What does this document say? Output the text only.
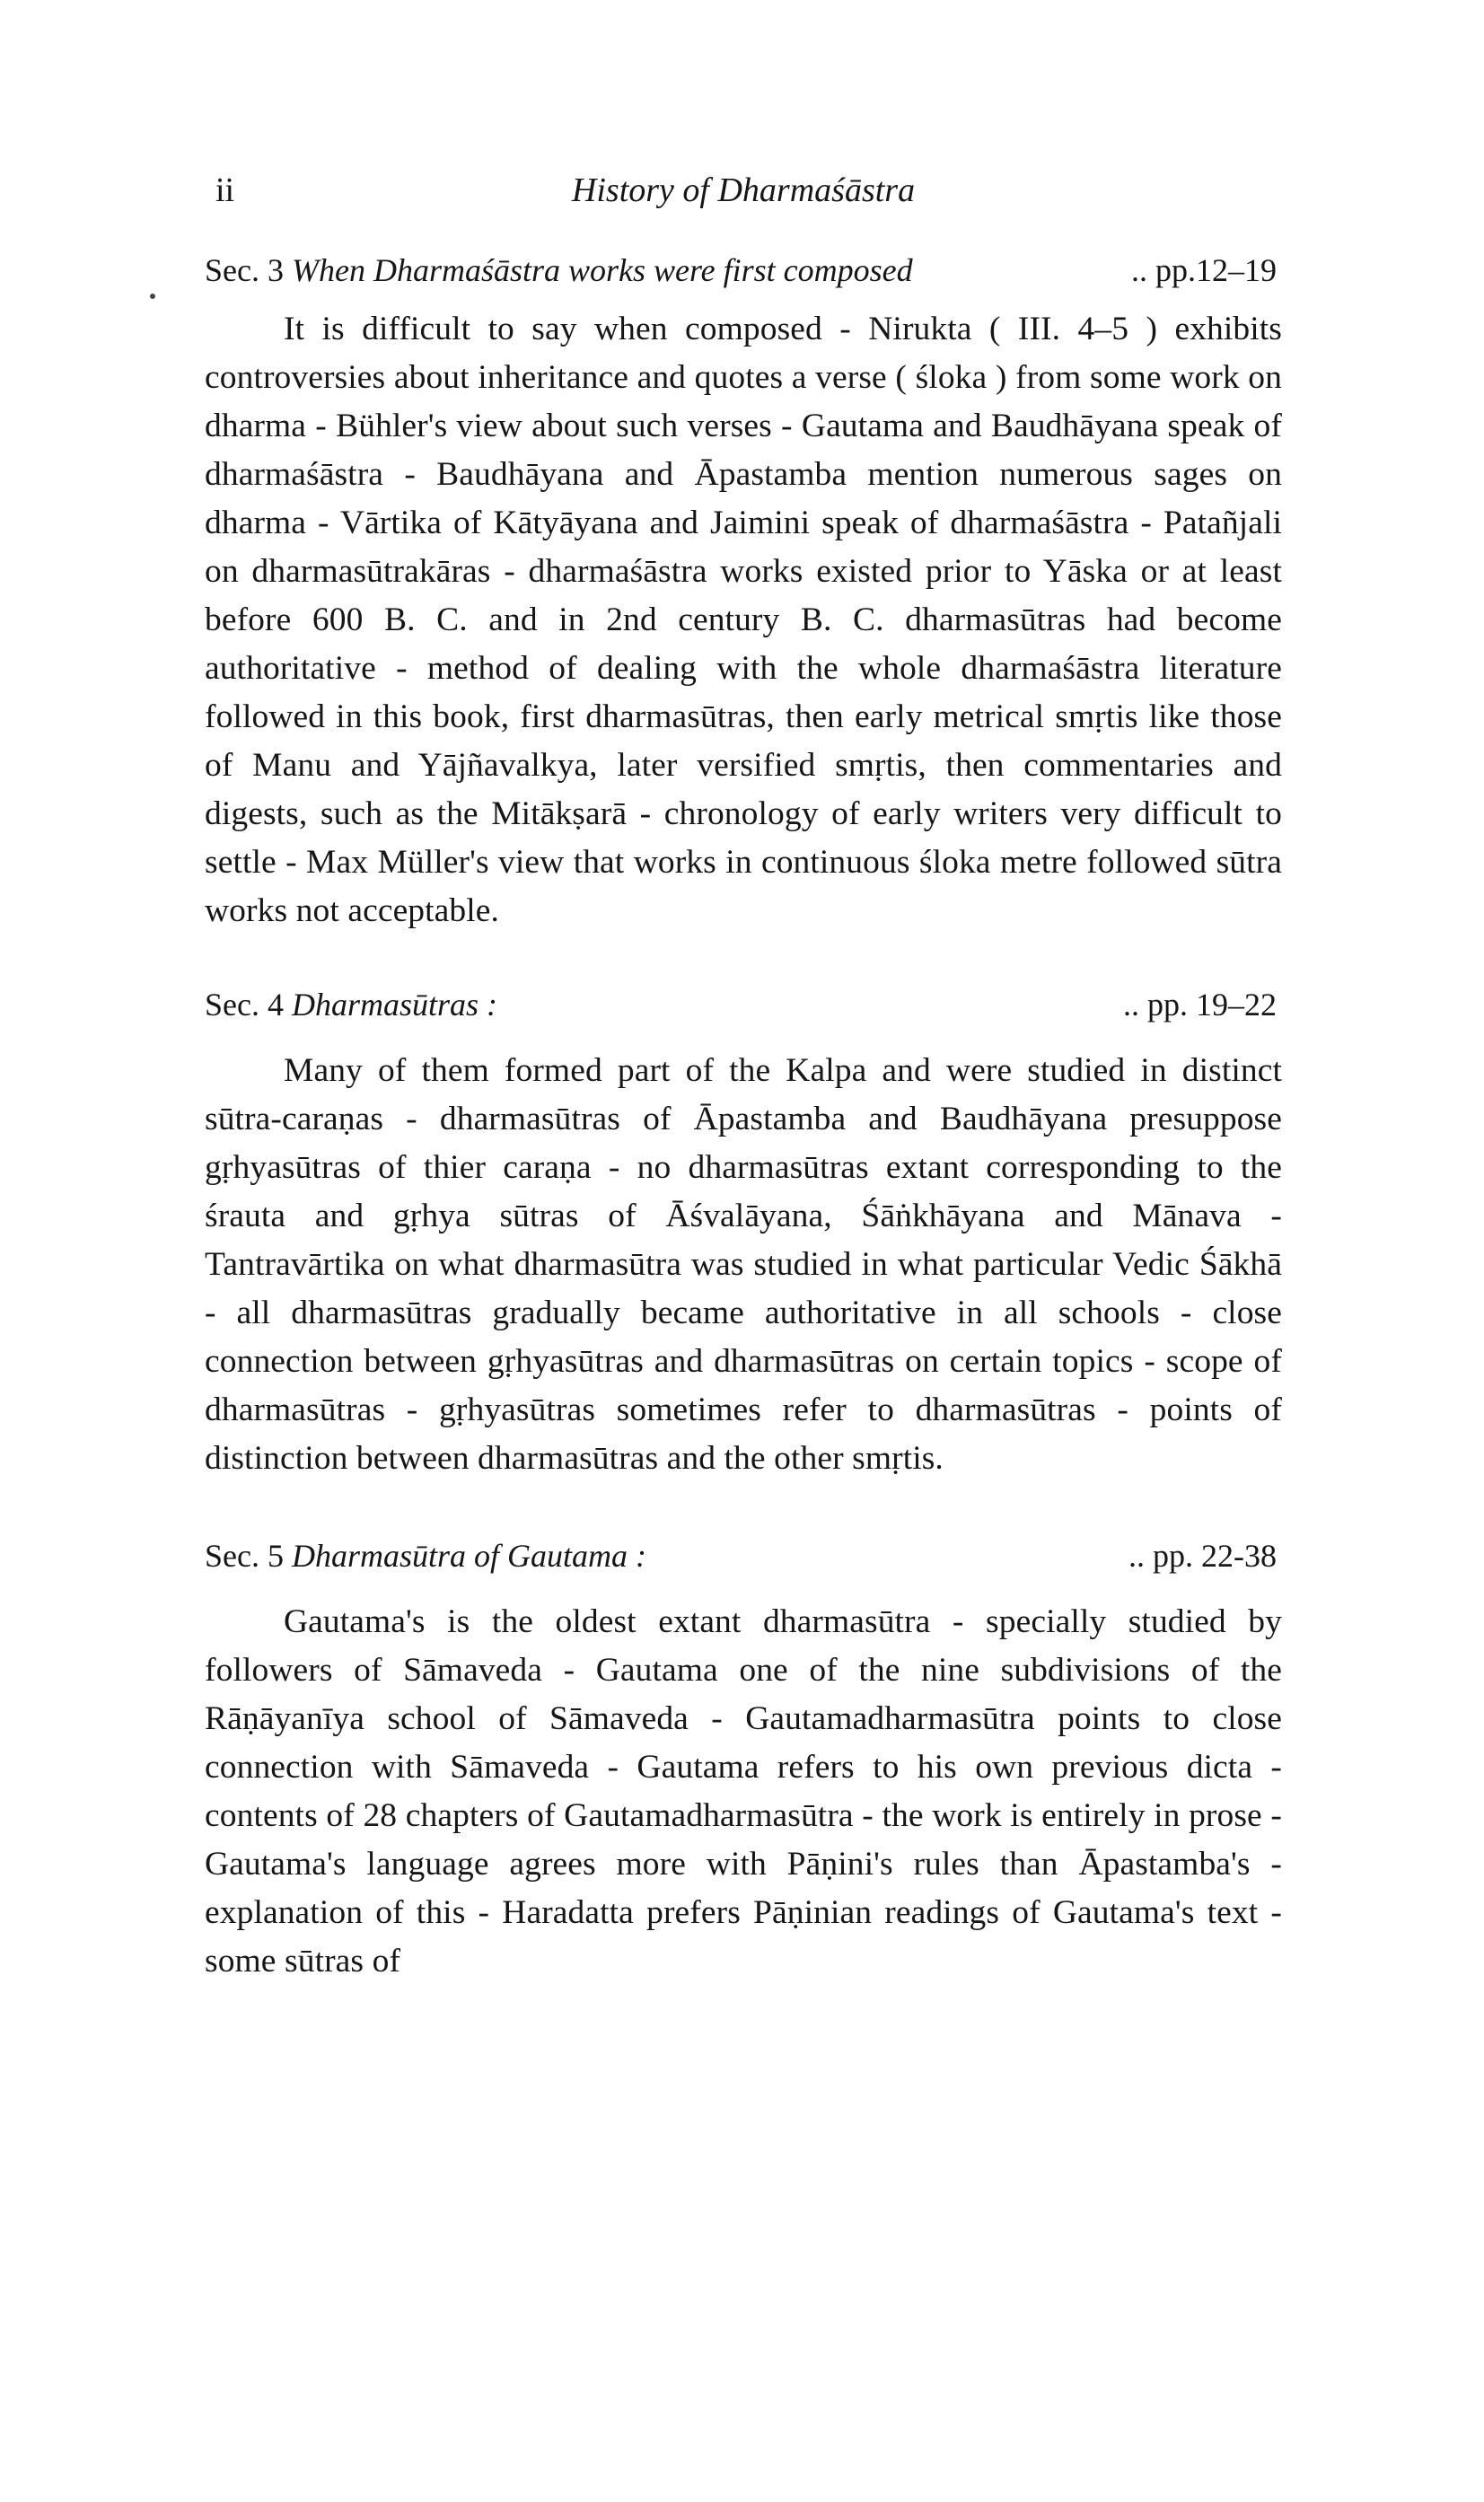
ii	History of Dharmaśāstra
Sec. 3 When Dharmaśāstra works were first composed	.. pp.12–19

It is difficult to say when composed - Nirukta ( III. 4–5 ) exhibits controversies about inheritance and quotes a verse ( śloka ) from some work on dharma - Bühler's view about such verses - Gautama and Baudhāyana speak of dharmaśāstra - Baudhāyana and Āpastamba mention numerous sages on dharma - Vārtika of Kātyāyana and Jaimini speak of dharmaśāstra - Patañjali on dharmasūtrakāras - dharmaśāstra works existed prior to Yāska or at least before 600 B. C. and in 2nd century B. C. dharmasūtras had become authoritative - method of dealing with the whole dharmaśāstra literature followed in this book, first dharmasūtras, then early metrical smṛtis like those of Manu and Yājñavalkya, later versified smṛtis, then commentaries and digests, such as the Mitākṣarā - chronology of early writers very difficult to settle - Max Müller's view that works in continuous śloka metre followed sūtra works not acceptable.

Sec. 4 Dharmasūtras :	.. pp. 19–22

Many of them formed part of the Kalpa and were studied in distinct sūtra-caraṇas - dharmasūtras of Āpastamba and Baudhāyana presuppose gṛhyasūtras of thier caraṇa - no dharmasūtras extant corresponding to the śrauta and gṛhya sūtras of Āśvalāyana, Śāṅkhāyana and Mānava - Tantravārtika on what dharmasūtra was studied in what particular Vedic Śākhā - all dharmasūtras gradually became authoritative in all schools - close connection between gṛhyasūtras and dharmasūtras on certain topics - scope of dharmasūtras - gṛhyasūtras sometimes refer to dharmasūtras - points of distinction between dharmasūtras and the other smṛtis.

Sec. 5 Dharmasūtra of Gautama :	.. pp. 22-38

Gautama's is the oldest extant dharmasūtra - specially studied by followers of Sāmaveda - Gautama one of the nine subdivisions of the Rāṇāyanīya school of Sāmaveda - Gautamadharmasūtra points to close connection with Sāmaveda - Gautama refers to his own previous dicta - contents of 28 chapters of Gautamadharmasūtra - the work is entirely in prose - Gautama's language agrees more with Pāṇini's rules than Āpastamba's - explanation of this - Haradatta prefers Pāṇinian readings of Gautama's text - some sūtras of
